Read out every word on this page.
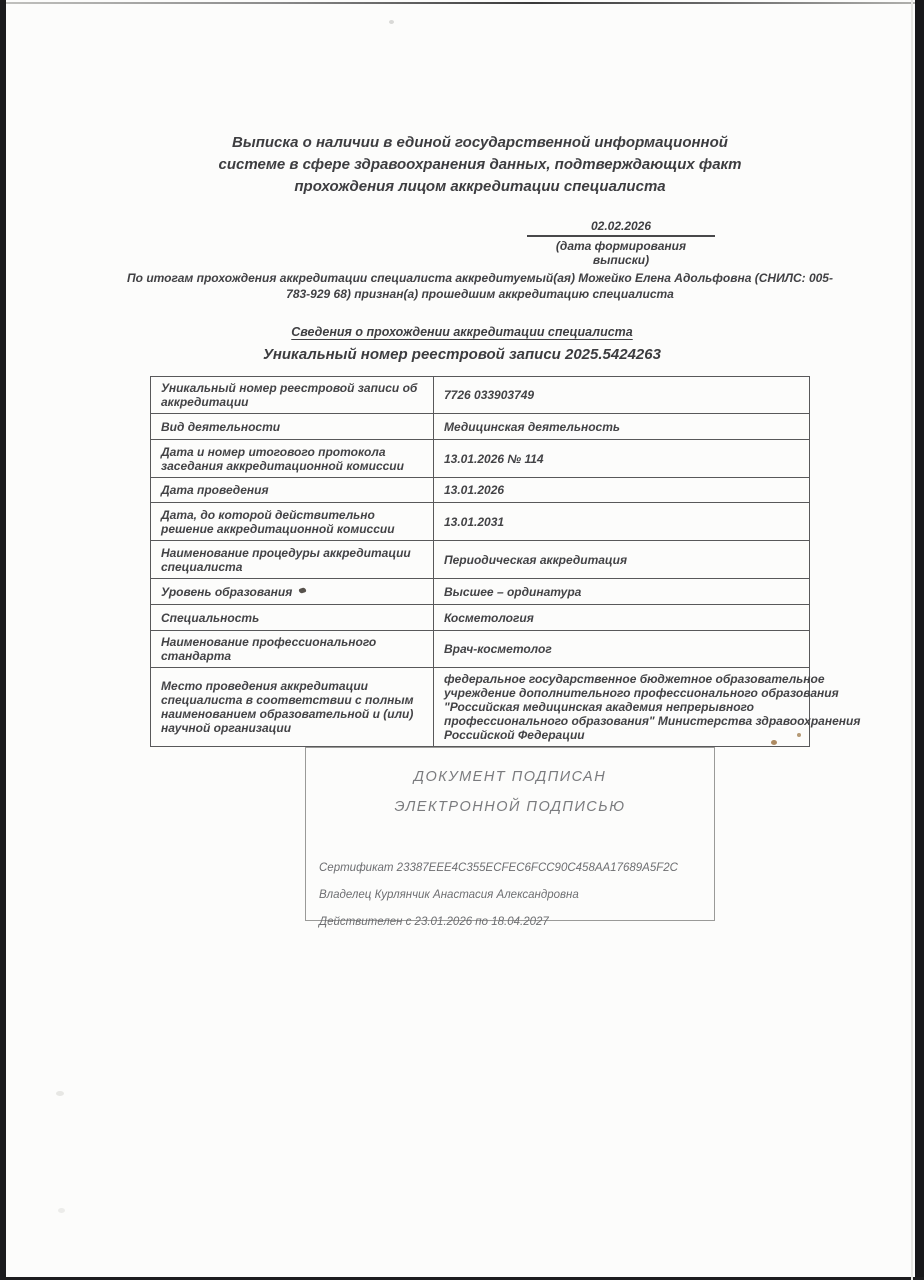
Выписка о наличии в единой государственной информационной
системе в сфере здравоохранения данных, подтверждающих факт
прохождения лицом аккредитации специалиста
02.02.2026
(дата формирования выписки)
По итогам прохождения аккредитации специалиста аккредитуемый(ая) Можейко Елена Адольфовна (СНИЛС: 005-
783-929 68) признан(а) прошедшим аккредитацию специалиста
Сведения о прохождении аккредитации специалиста
Уникальный номер реестровой записи 2025.5424263
Уникальный номер реестровой записи об аккредитации	7726 033903749
Вид деятельности	Медицинская деятельность
Дата и номер итогового протокола заседания аккредитационной комиссии	13.01.2026 № 114
Дата проведения	13.01.2026
Дата, до которой действительно решение аккредитационной комиссии	13.01.2031
Наименование процедуры аккредитации специалиста	Периодическая аккредитация
Уровень образования	Высшее – ординатура
Специальность	Косметология
Наименование профессионального стандарта	Врач-косметолог
Место проведения аккредитации специалиста в соответствии с полным наименованием образовательной и (или) научной организации	федеральное государственное бюджетное образовательное учреждение дополнительного профессионального образования "Российская медицинская академия непрерывного профессионального образования" Министерства здравоохранения Российской Федерации
ДОКУМЕНТ ПОДПИСАН
ЭЛЕКТРОННОЙ ПОДПИСЬЮ
Сертификат 23387EEE4C355ECFEC6FCC90C458AA17689A5F2C
Владелец Курлянчик Анастасия Александровна
Действителен с 23.01.2026 по 18.04.2027
